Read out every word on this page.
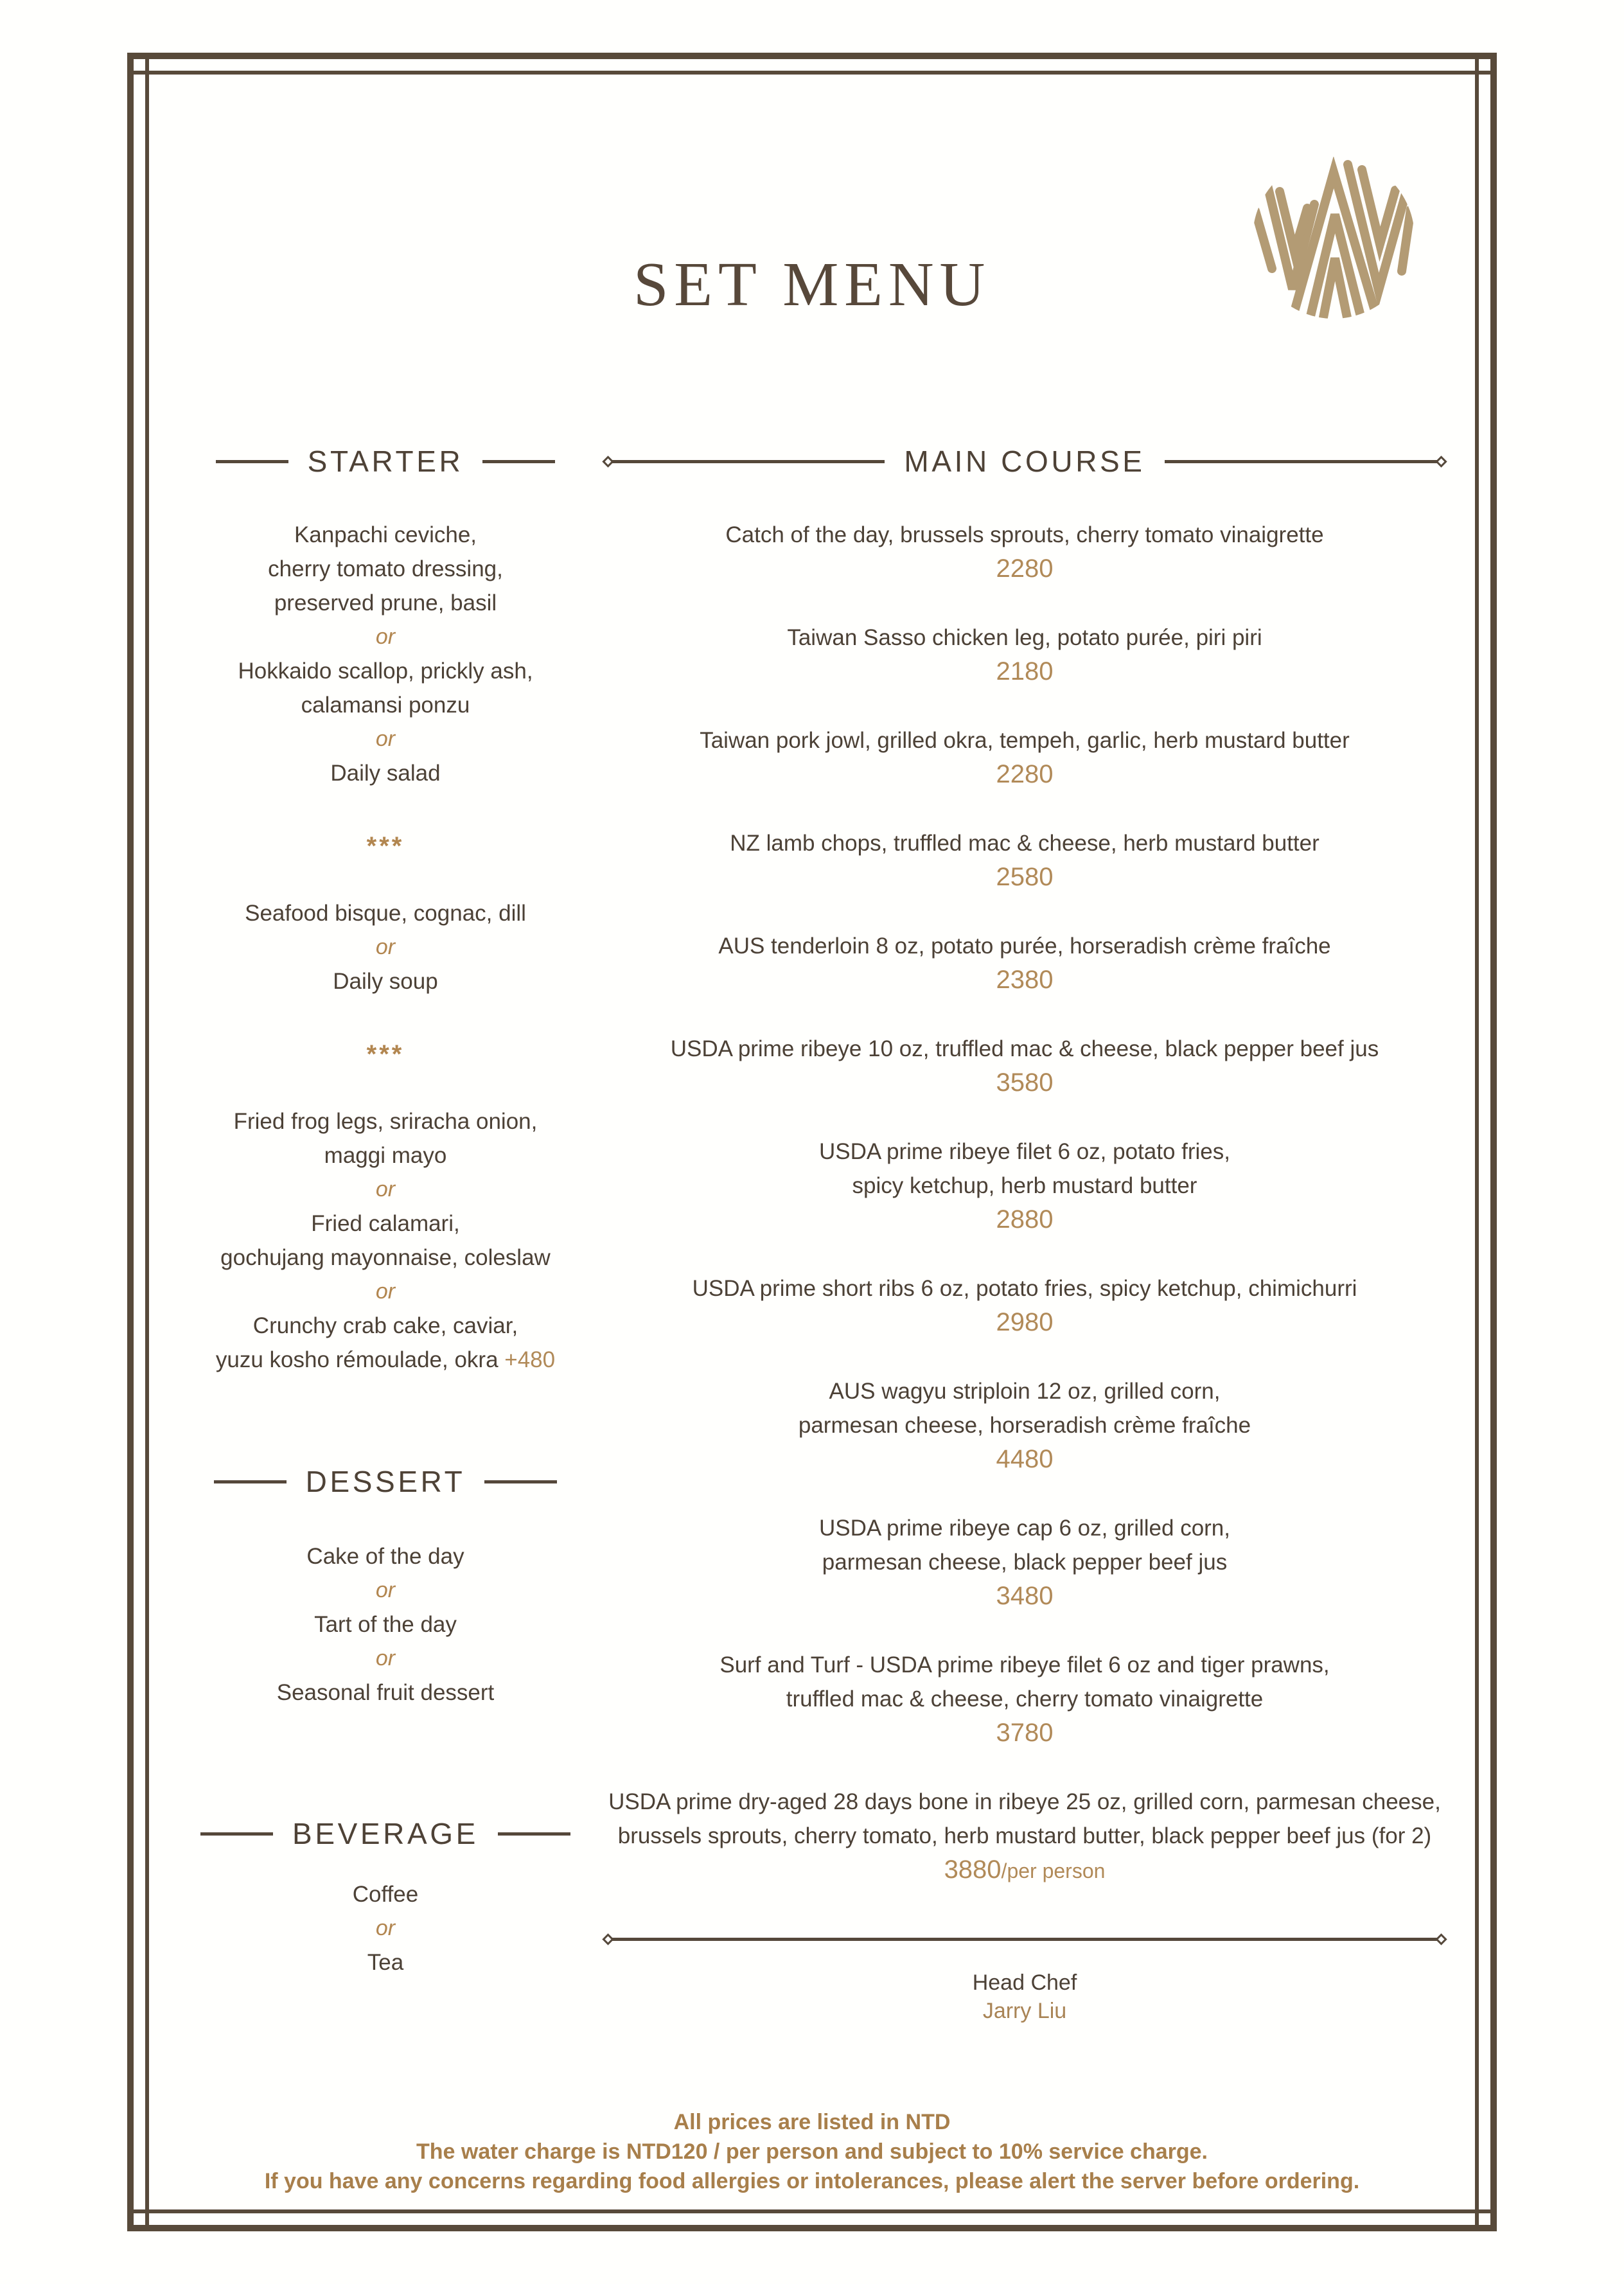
SET MENU
STARTER
Kanpachi ceviche,
cherry tomato dressing,
preserved prune, basil
or
Hokkaido scallop, prickly ash,
calamansi ponzu
or
Daily salad
***
Seafood bisque, cognac, dill
or
Daily soup
***
Fried frog legs, sriracha onion,
maggi mayo
or
Fried calamari,
gochujang mayonnaise, coleslaw
or
Crunchy crab cake, caviar,
yuzu kosho rémoulade, okra +480
DESSERT
Cake of the day
or
Tart of the day
or
Seasonal fruit dessert
BEVERAGE
Coffee
or
Tea
MAIN COURSE
Catch of the day, brussels sprouts, cherry tomato vinaigrette
2280
Taiwan Sasso chicken leg, potato purée, piri piri
2180
Taiwan pork jowl, grilled okra, tempeh, garlic, herb mustard butter
2280
NZ lamb chops, truffled mac & cheese, herb mustard butter
2580
AUS tenderloin 8 oz, potato purée, horseradish crème fraîche
2380
USDA prime ribeye 10 oz, truffled mac & cheese, black pepper beef jus
3580
USDA prime ribeye filet 6 oz, potato fries,
spicy ketchup, herb mustard butter
2880
USDA prime short ribs 6 oz, potato fries, spicy ketchup, chimichurri
2980
AUS wagyu striploin 12 oz, grilled corn,
parmesan cheese, horseradish crème fraîche
4480
USDA prime ribeye cap 6 oz, grilled corn,
parmesan cheese, black pepper beef jus
3480
Surf and Turf - USDA prime ribeye filet 6 oz and tiger prawns,
truffled mac & cheese, cherry tomato vinaigrette
3780
USDA prime dry-aged 28 days bone in ribeye 25 oz, grilled corn, parmesan cheese,
brussels sprouts, cherry tomato, herb mustard butter, black pepper beef jus (for 2)
3880/per person
Head Chef
Jarry Liu
All prices are listed in NTD
The water charge is NTD120 / per person and subject to 10% service charge.
If you have any concerns regarding food allergies or intolerances, please alert the server before ordering.
